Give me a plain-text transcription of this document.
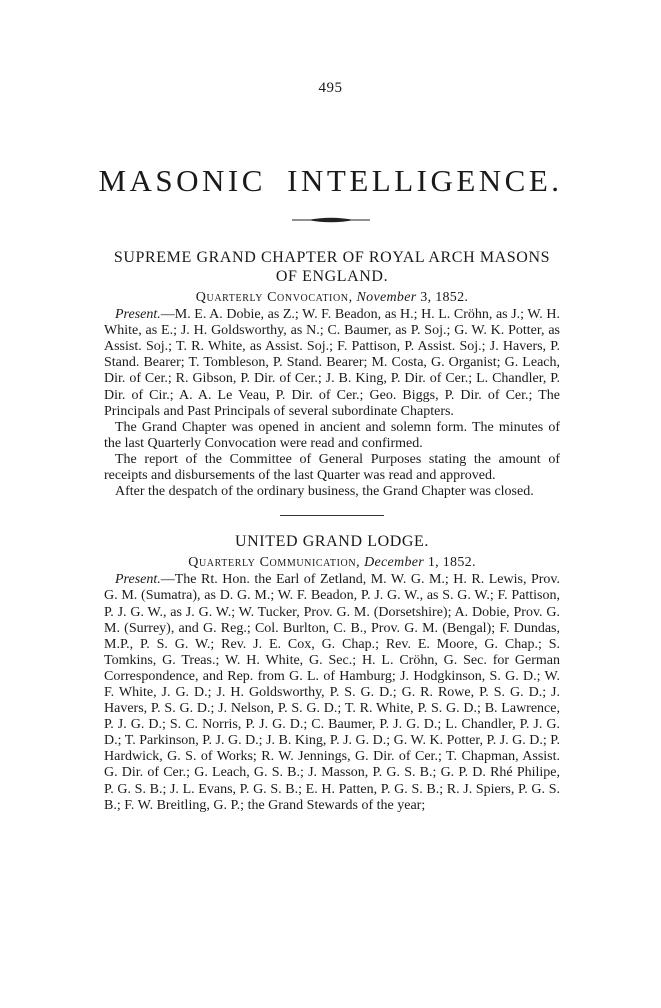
495
MASONIC INTELLIGENCE.
SUPREME GRAND CHAPTER OF ROYAL ARCH MASONS OF ENGLAND.
Quarterly Convocation, November 3, 1852.

Present.—M. E. A. Dobie, as Z.; W. F. Beadon, as H.; H. L. Cröhn, as J.; W. H. White, as E.; J. H. Goldsworthy, as N.; C. Baumer, as P. Soj.; G. W. K. Potter, as Assist. Soj.; T. R. White, as Assist. Soj.; F. Pattison, P. Assist. Soj.; J. Havers, P. Stand. Bearer; T. Tombleson, P. Stand. Bearer; M. Costa, G. Organist; G. Leach, Dir. of Cer.; R. Gibson, P. Dir. of Cer.; J. B. King, P. Dir. of Cer.; L. Chandler, P. Dir. of Cir.; A. A. Le Veau, P. Dir. of Cer.; Geo. Biggs, P. Dir. of Cer.; The Principals and Past Principals of several subordinate Chapters.

The Grand Chapter was opened in ancient and solemn form. The minutes of the last Quarterly Convocation were read and confirmed.

The report of the Committee of General Purposes stating the amount of receipts and disbursements of the last Quarter was read and approved.

After the despatch of the ordinary business, the Grand Chapter was closed.

UNITED GRAND LODGE.
Quarterly Communication, December 1, 1852.

Present.—The Rt. Hon. the Earl of Zetland, M. W. G. M.; H. R. Lewis, Prov. G. M. (Sumatra), as D. G. M.; W. F. Beadon, P. J. G. W., as S. G. W.; F. Pattison, P. J. G. W., as J. G. W.; W. Tucker, Prov. G. M. (Dorsetshire); A. Dobie, Prov. G. M. (Surrey), and G. Reg.; Col. Burlton, C. B., Prov. G. M. (Bengal); F. Dundas, M.P., P. S. G. W.; Rev. J. E. Cox, G. Chap.; Rev. E. Moore, G. Chap.; S. Tomkins, G. Treas.; W. H. White, G. Sec.; H. L. Cröhn, G. Sec. for German Correspondence, and Rep. from G. L. of Hamburg; J. Hodgkinson, S. G. D.; W. F. White, J. G. D.; J. H. Goldsworthy, P. S. G. D.; G. R. Rowe, P. S. G. D.; J. Havers, P. S. G. D.; J. Nelson, P. S. G. D.; T. R. White, P. S. G. D.; B. Lawrence, P. J. G. D.; S. C. Norris, P. J. G. D.; C. Baumer, P. J. G. D.; L. Chandler, P. J. G. D.; T. Parkinson, P. J. G. D.; J. B. King, P. J. G. D.; G. W. K. Potter, P. J. G. D.; P. Hardwick, G. S. of Works; R. W. Jennings, G. Dir. of Cer.; T. Chapman, Assist. G. Dir. of Cer.; G. Leach, G. S. B.; J. Masson, P. G. S. B.; G. P. D. Rhé Philipe, P. G. S. B.; J. L. Evans, P. G. S. B.; E. H. Patten, P. G. S. B.; R. J. Spiers, P. G. S. B.; F. W. Breitling, G. P.; the Grand Stewards of the year;
